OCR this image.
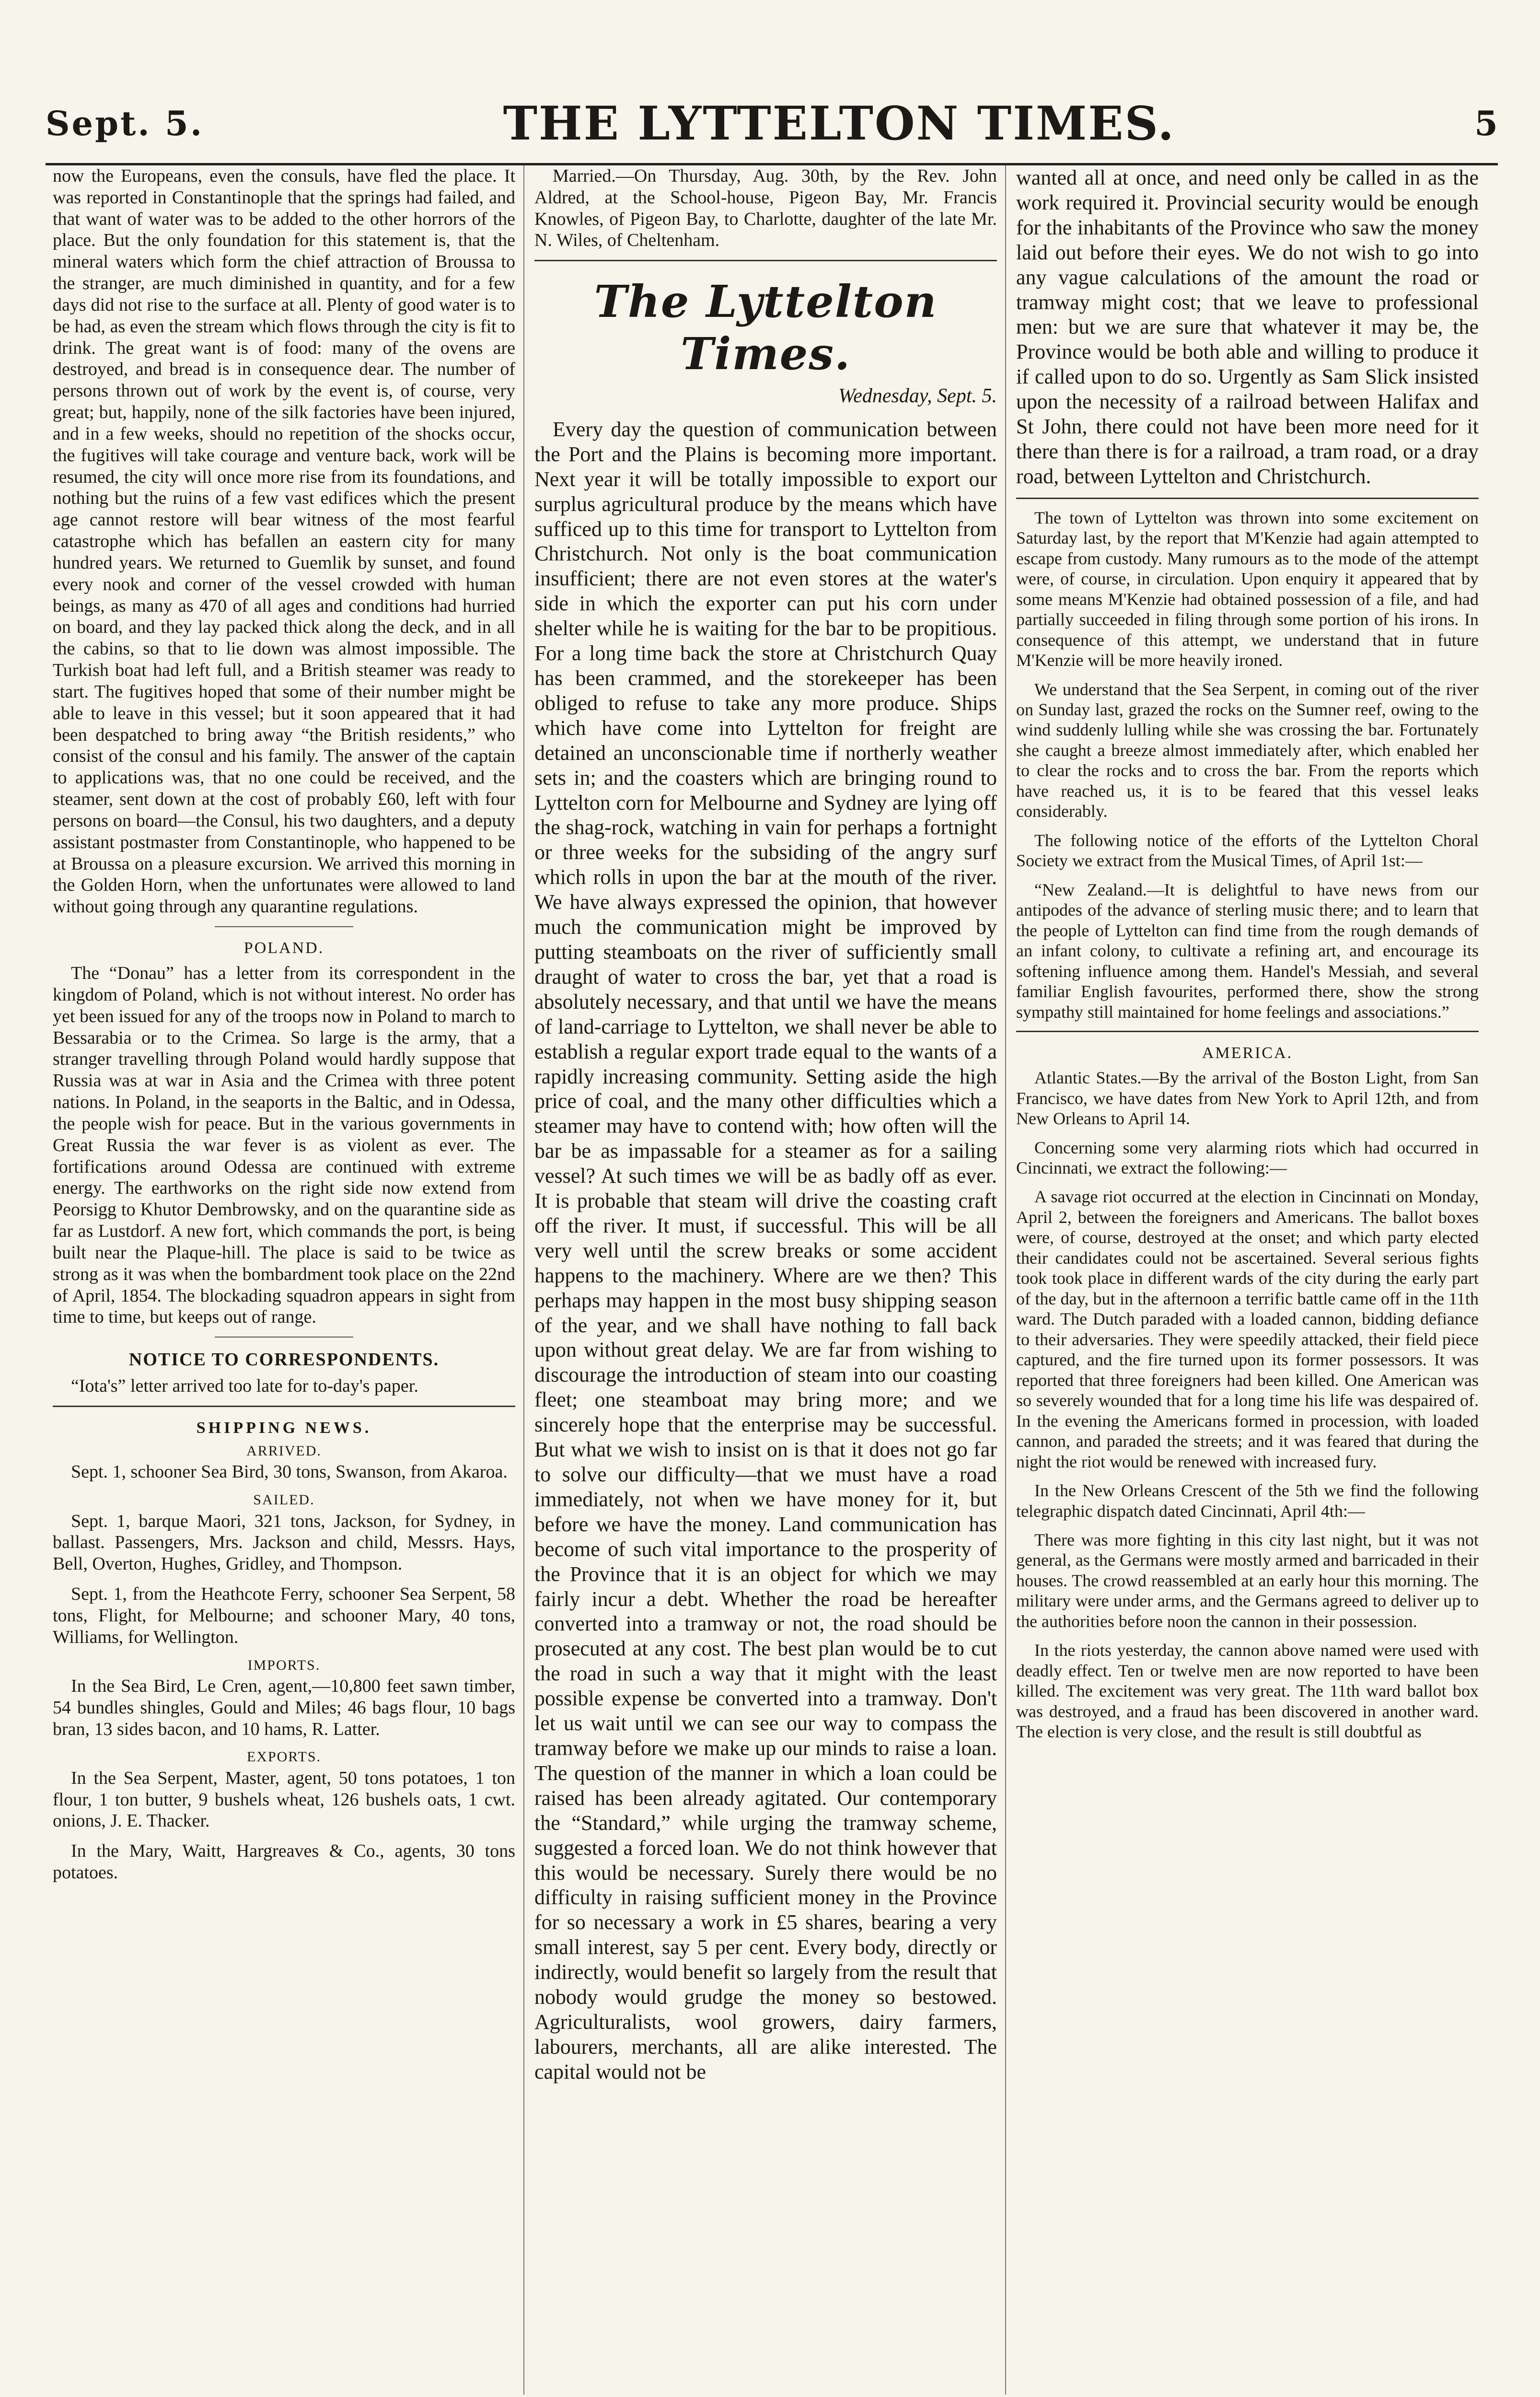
Sept. 5.	THE LYTTELTON TIMES.	5

now the Europeans, even the consuls, have fled the place. It was reported in Constantinople that the springs had failed, and that want of water was to be added to the other horrors of the place. But the only foundation for this statement is, that the mineral waters which form the chief attraction of Broussa to the stranger, are much diminished in quantity, and for a few days did not rise to the surface at all. Plenty of good water is to be had, as even the stream which flows through the city is fit to drink. The great want is of food: many of the ovens are destroyed, and bread is in consequence dear. The number of persons thrown out of work by the event is, of course, very great; but, happily, none of the silk factories have been injured, and in a few weeks, should no repetition of the shocks occur, the fugitives will take courage and venture back, work will be resumed, the city will once more rise from its foundations, and nothing but the ruins of a few vast edifices which the present age cannot restore will bear witness of the most fearful catastrophe which has befallen an eastern city for many hundred years. We returned to Guemlik by sunset, and found every nook and corner of the vessel crowded with human beings, as many as 470 of all ages and conditions had hurried on board, and they lay packed thick along the deck, and in all the cabins, so that to lie down was almost impossible. The Turkish boat had left full, and a British steamer was ready to start. The fugitives hoped that some of their number might be able to leave in this vessel; but it soon appeared that it had been despatched to bring away “the British residents,” who consist of the consul and his family. The answer of the captain to applications was, that no one could be received, and the steamer, sent down at the cost of probably £60, left with four persons on board—the Consul, his two daughters, and a deputy assistant postmaster from Constantinople, who happened to be at Broussa on a pleasure excursion. We arrived this morning in the Golden Horn, when the unfortunates were allowed to land without going through any quarantine regulations.

POLAND.

The “Donau” has a letter from its correspondent in the kingdom of Poland, which is not without interest. No order has yet been issued for any of the troops now in Poland to march to Bessarabia or to the Crimea. So large is the army, that a stranger travelling through Poland would hardly suppose that Russia was at war in Asia and the Crimea with three potent nations. In Poland, in the seaports in the Baltic, and in Odessa, the people wish for peace. But in the various governments in Great Russia the war fever is as violent as ever. The fortifications around Odessa are continued with extreme energy. The earthworks on the right side now extend from Peorsigg to Khutor Dembrowsky, and on the quarantine side as far as Lustdorf. A new fort, which commands the port, is being built near the Plaque-hill. The place is said to be twice as strong as it was when the bombardment took place on the 22nd of April, 1854. The blockading squadron appears in sight from time to time, but keeps out of range.

NOTICE TO CORRESPONDENTS.

“Iota's” letter arrived too late for to-day's paper.

SHIPPING NEWS.
ARRIVED.

Sept. 1, schooner Sea Bird, 30 tons, Swanson, from Akaroa.

SAILED.

Sept. 1, barque Maori, 321 tons, Jackson, for Sydney, in ballast. Passengers, Mrs. Jackson and child, Messrs. Hays, Bell, Overton, Hughes, Gridley, and Thompson.

Sept. 1, from the Heathcote Ferry, schooner Sea Serpent, 58 tons, Flight, for Melbourne; and schooner Mary, 40 tons, Williams, for Wellington.

IMPORTS.

In the Sea Bird, Le Cren, agent,—10,800 feet sawn timber, 54 bundles shingles, Gould and Miles; 46 bags flour, 10 bags bran, 13 sides bacon, and 10 hams, R. Latter.

EXPORTS.

In the Sea Serpent, Master, agent, 50 tons potatoes, 1 ton flour, 1 ton butter, 9 bushels wheat, 126 bushels oats, 1 cwt. onions, J. E. Thacker.

In the Mary, Waitt, Hargreaves & Co., agents, 30 tons potatoes.

Married.—On Thursday, Aug. 30th, by the Rev. John Aldred, at the School-house, Pigeon Bay, Mr. Francis Knowles, of Pigeon Bay, to Charlotte, daughter of the late Mr. N. Wiles, of Cheltenham.

The Lyttelton Times.

Wednesday, Sept. 5.

Every day the question of communication between the Port and the Plains is becoming more important. Next year it will be totally impossible to export our surplus agricultural produce by the means which have sufficed up to this time for transport to Lyttelton from Christchurch. Not only is the boat communication insufficient; there are not even stores at the water's side in which the exporter can put his corn under shelter while he is waiting for the bar to be propitious. For a long time back the store at Christchurch Quay has been crammed, and the storekeeper has been obliged to refuse to take any more produce. Ships which have come into Lyttelton for freight are detained an unconscionable time if northerly weather sets in; and the coasters which are bringing round to Lyttelton corn for Melbourne and Sydney are lying off the shag-rock, watching in vain for perhaps a fortnight or three weeks for the subsiding of the angry surf which rolls in upon the bar at the mouth of the river. We have always expressed the opinion, that however much the communication might be improved by putting steamboats on the river of sufficiently small draught of water to cross the bar, yet that a road is absolutely necessary, and that until we have the means of land-carriage to Lyttelton, we shall never be able to establish a regular export trade equal to the wants of a rapidly increasing community. Setting aside the high price of coal, and the many other difficulties which a steamer may have to contend with; how often will the bar be as impassable for a steamer as for a sailing vessel? At such times we will be as badly off as ever. It is probable that steam will drive the coasting craft off the river. It must, if successful. This will be all very well until the screw breaks or some accident happens to the machinery. Where are we then? This perhaps may happen in the most busy shipping season of the year, and we shall have nothing to fall back upon without great delay. We are far from wishing to discourage the introduction of steam into our coasting fleet; one steamboat may bring more; and we sincerely hope that the enterprise may be successful. But what we wish to insist on is that it does not go far to solve our difficulty—that we must have a road immediately, not when we have money for it, but before we have the money. Land communication has become of such vital importance to the prosperity of the Province that it is an object for which we may fairly incur a debt. Whether the road be hereafter converted into a tramway or not, the road should be prosecuted at any cost. The best plan would be to cut the road in such a way that it might with the least possible expense be converted into a tramway. Don't let us wait until we can see our way to compass the tramway before we make up our minds to raise a loan. The question of the manner in which a loan could be raised has been already agitated. Our contemporary the “Standard,” while urging the tramway scheme, suggested a forced loan. We do not think however that this would be necessary. Surely there would be no difficulty in raising sufficient money in the Province for so necessary a work in £5 shares, bearing a very small interest, say 5 per cent. Every body, directly or indirectly, would benefit so largely from the result that nobody would grudge the money so bestowed. Agriculturalists, wool growers, dairy farmers, labourers, merchants, all are alike interested. The capital would not be

wanted all at once, and need only be called in as the work required it. Provincial security would be enough for the inhabitants of the Province who saw the money laid out before their eyes. We do not wish to go into any vague calculations of the amount the road or tramway might cost; that we leave to professional men: but we are sure that whatever it may be, the Province would be both able and willing to produce it if called upon to do so. Urgently as Sam Slick insisted upon the necessity of a railroad between Halifax and St John, there could not have been more need for it there than there is for a railroad, a tram road, or a dray road, between Lyttelton and Christchurch.

The town of Lyttelton was thrown into some excitement on Saturday last, by the report that M'Kenzie had again attempted to escape from custody. Many rumours as to the mode of the attempt were, of course, in circulation. Upon enquiry it appeared that by some means M'Kenzie had obtained possession of a file, and had partially succeeded in filing through some portion of his irons. In consequence of this attempt, we understand that in future M'Kenzie will be more heavily ironed.

We understand that the Sea Serpent, in coming out of the river on Sunday last, grazed the rocks on the Sumner reef, owing to the wind suddenly lulling while she was crossing the bar. Fortunately she caught a breeze almost immediately after, which enabled her to clear the rocks and to cross the bar. From the reports which have reached us, it is to be feared that this vessel leaks considerably.

The following notice of the efforts of the Lyttelton Choral Society we extract from the Musical Times, of April 1st:—

“New Zealand.—It is delightful to have news from our antipodes of the advance of sterling music there; and to learn that the people of Lyttelton can find time from the rough demands of an infant colony, to cultivate a refining art, and encourage its softening influence among them. Handel's Messiah, and several familiar English favourites, performed there, show the strong sympathy still maintained for home feelings and associations.”

AMERICA.

Atlantic States.—By the arrival of the Boston Light, from San Francisco, we have dates from New York to April 12th, and from New Orleans to April 14.

Concerning some very alarming riots which had occurred in Cincinnati, we extract the following:—

A savage riot occurred at the election in Cincinnati on Monday, April 2, between the foreigners and Americans. The ballot boxes were, of course, destroyed at the onset; and which party elected their candidates could not be ascertained. Several serious fights took took place in different wards of the city during the early part of the day, but in the afternoon a terrific battle came off in the 11th ward. The Dutch paraded with a loaded cannon, bidding defiance to their adversaries. They were speedily attacked, their field piece captured, and the fire turned upon its former possessors. It was reported that three foreigners had been killed. One American was so severely wounded that for a long time his life was despaired of. In the evening the Americans formed in procession, with loaded cannon, and paraded the streets; and it was feared that during the night the riot would be renewed with increased fury.

In the New Orleans Crescent of the 5th we find the following telegraphic dispatch dated Cincinnati, April 4th:—

There was more fighting in this city last night, but it was not general, as the Germans were mostly armed and barricaded in their houses. The crowd reassembled at an early hour this morning. The military were under arms, and the Germans agreed to deliver up to the authorities before noon the cannon in their possession.

In the riots yesterday, the cannon above named were used with deadly effect. Ten or twelve men are now reported to have been killed. The excitement was very great. The 11th ward ballot box was destroyed, and a fraud has been discovered in another ward. The election is very close, and the result is still doubtful as
